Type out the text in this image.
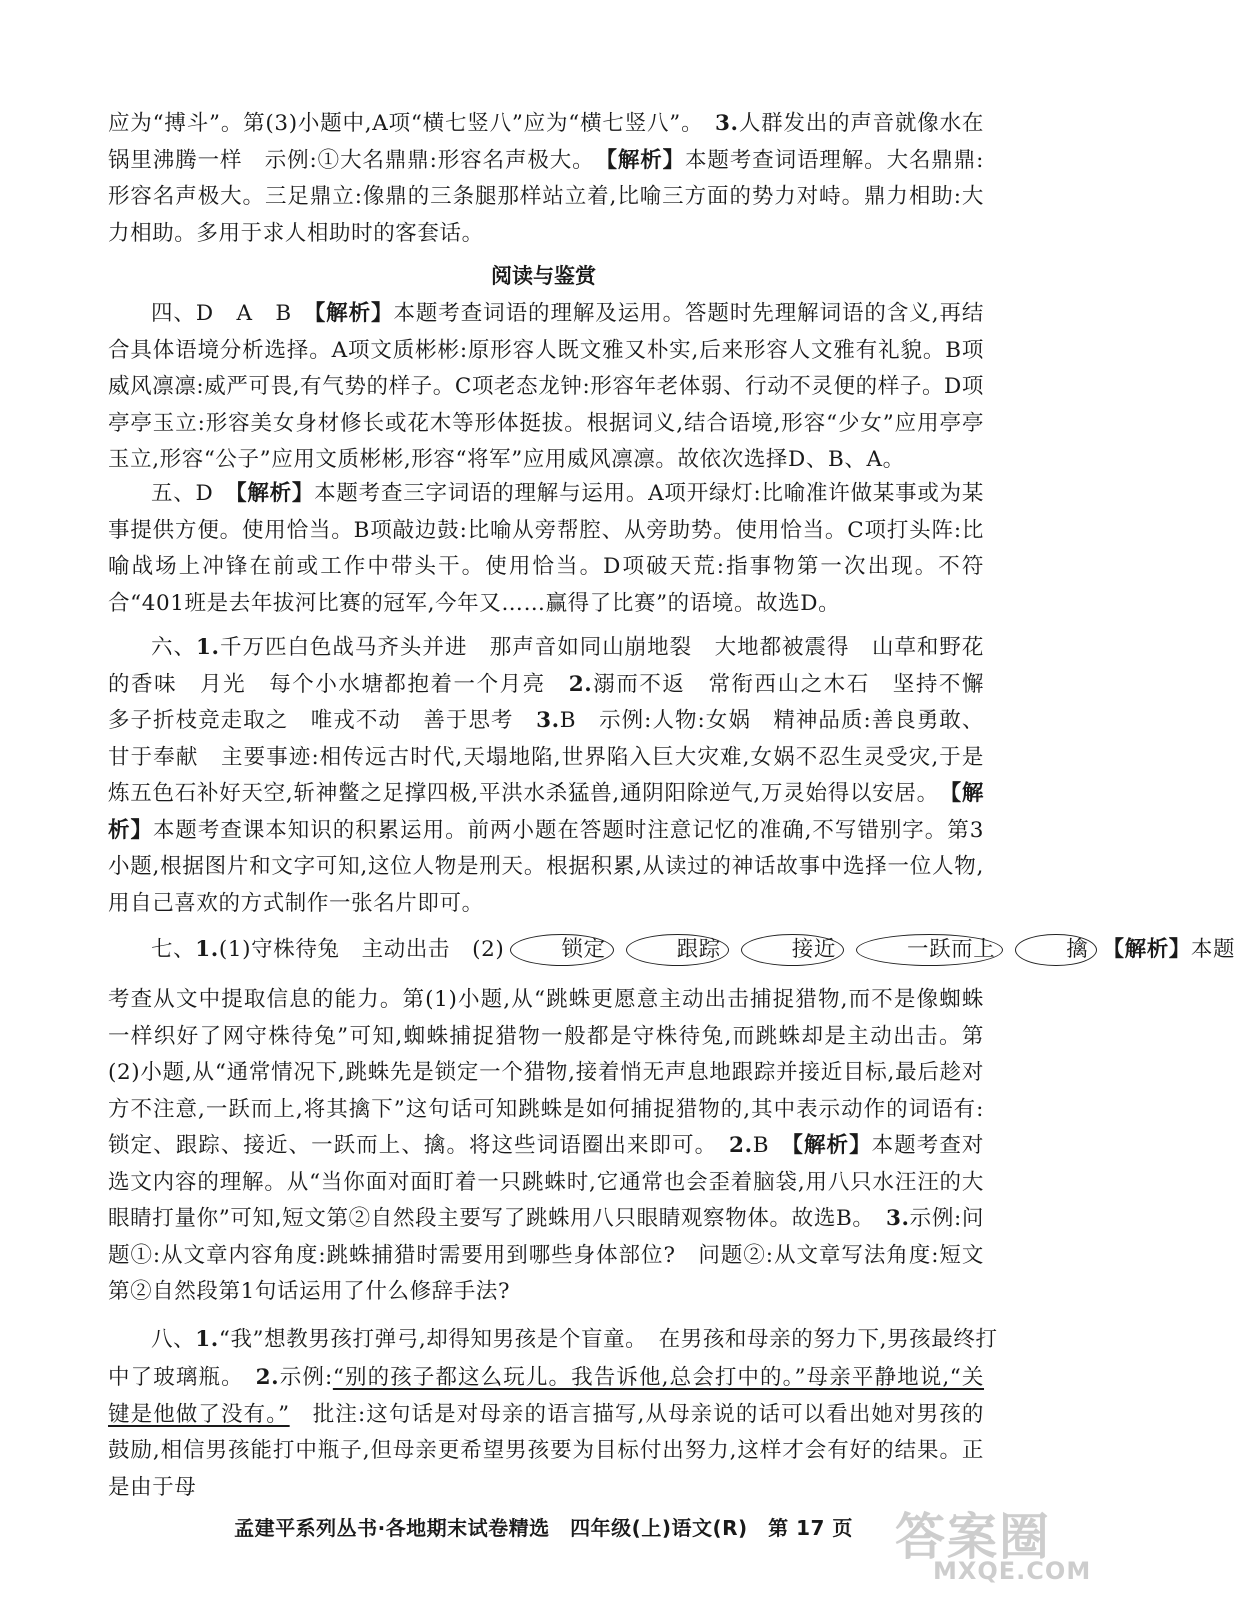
应为“搏斗”。第(3)小题中,A项“横七竖八”应为“横七竖八”。　3.人群发出的声音就像水在锅里沸腾一样　示例:①大名鼎鼎:形容名声极大。　【解析】本题考查词语理解。大名鼎鼎:形容名声极大。三足鼎立:像鼎的三条腿那样站立着,比喻三方面的势力对峙。鼎力相助:大力相助。多用于求人相助时的客套话。

阅读与鉴赏

四、D　A　B　【解析】本题考查词语的理解及运用。答题时先理解词语的含义,再结合具体语境分析选择。A项文质彬彬:原形容人既文雅又朴实,后来形容人文雅有礼貌。B项威风凛凛:威严可畏,有气势的样子。C项老态龙钟:形容年老体弱、行动不灵便的样子。D项亭亭玉立:形容美女身材修长或花木等形体挺拔。根据词义,结合语境,形容“少女”应用亭亭玉立,形容“公子”应用文质彬彬,形容“将军”应用威风凛凛。故依次选择D、B、A。

五、D　【解析】本题考查三字词语的理解与运用。A项开绿灯:比喻准许做某事或为某事提供方便。使用恰当。B项敲边鼓:比喻从旁帮腔、从旁助势。使用恰当。C项打头阵:比喻战场上冲锋在前或工作中带头干。使用恰当。D项破天荒:指事物第一次出现。不符合“401班是去年拔河比赛的冠军,今年又……赢得了比赛”的语境。故选D。

六、1.千万匹白色战马齐头并进　那声音如同山崩地裂　大地都被震得　山草和野花的香味　月光　每个小水塘都抱着一个月亮　2.溺而不返　常衔西山之木石　坚持不懈　多子折枝竞走取之　唯戎不动　善于思考　3.B　示例:人物:女娲　精神品质:善良勇敢、甘于奉献　主要事迹:相传远古时代,天塌地陷,世界陷入巨大灾难,女娲不忍生灵受灾,于是炼五色石补好天空,斩神鳖之足撑四极,平洪水杀猛兽,通阴阳除逆气,万灵始得以安居。　【解析】本题考查课本知识的积累运用。前两小题在答题时注意记忆的准确,不写错别字。第3小题,根据图片和文字可知,这位人物是刑天。根据积累,从读过的神话故事中选择一位人物,用自己喜欢的方式制作一张名片即可。

七、1.(1)守株待兔　主动出击　(2)	锁定	跟踪	接近	一跃而上	擒 【解析】本题

考查从文中提取信息的能力。第(1)小题,从“跳蛛更愿意主动出击捕捉猎物,而不是像蜘蛛一样织好了网守株待兔”可知,蜘蛛捕捉猎物一般都是守株待兔,而跳蛛却是主动出击。第(2)小题,从“通常情况下,跳蛛先是锁定一个猎物,接着悄无声息地跟踪并接近目标,最后趁对方不注意,一跃而上,将其擒下”这句话可知跳蛛是如何捕捉猎物的,其中表示动作的词语有:锁定、跟踪、接近、一跃而上、擒。将这些词语圈出来即可。　2.B　【解析】本题考查对选文内容的理解。从“当你面对面盯着一只跳蛛时,它通常也会歪着脑袋,用八只水汪汪的大眼睛打量你”可知,短文第②自然段主要写了跳蛛用八只眼睛观察物体。故选B。　3.示例:问题①:从文章内容角度:跳蛛捕猎时需要用到哪些身体部位?　问题②:从文章写法角度:短文第②自然段第1句话运用了什么修辞手法?

八、1.“我”想教男孩打弹弓,却得知男孩是个盲童。　在男孩和母亲的努力下,男孩最终打

中了玻璃瓶。　2.示例:“别的孩子都这么玩儿。我告诉他,总会打中的。”母亲平静地说,“关键是他做了没有。”　批注:这句话是对母亲的语言描写,从母亲说的话可以看出她对男孩的鼓励,相信男孩能打中瓶子,但母亲更希望男孩要为目标付出努力,这样才会有好的结果。正是由于母

孟建平系列丛书·各地期末试卷精选　四年级(上)语文(R)　第 17 页 答案圈
MXQE.COM
